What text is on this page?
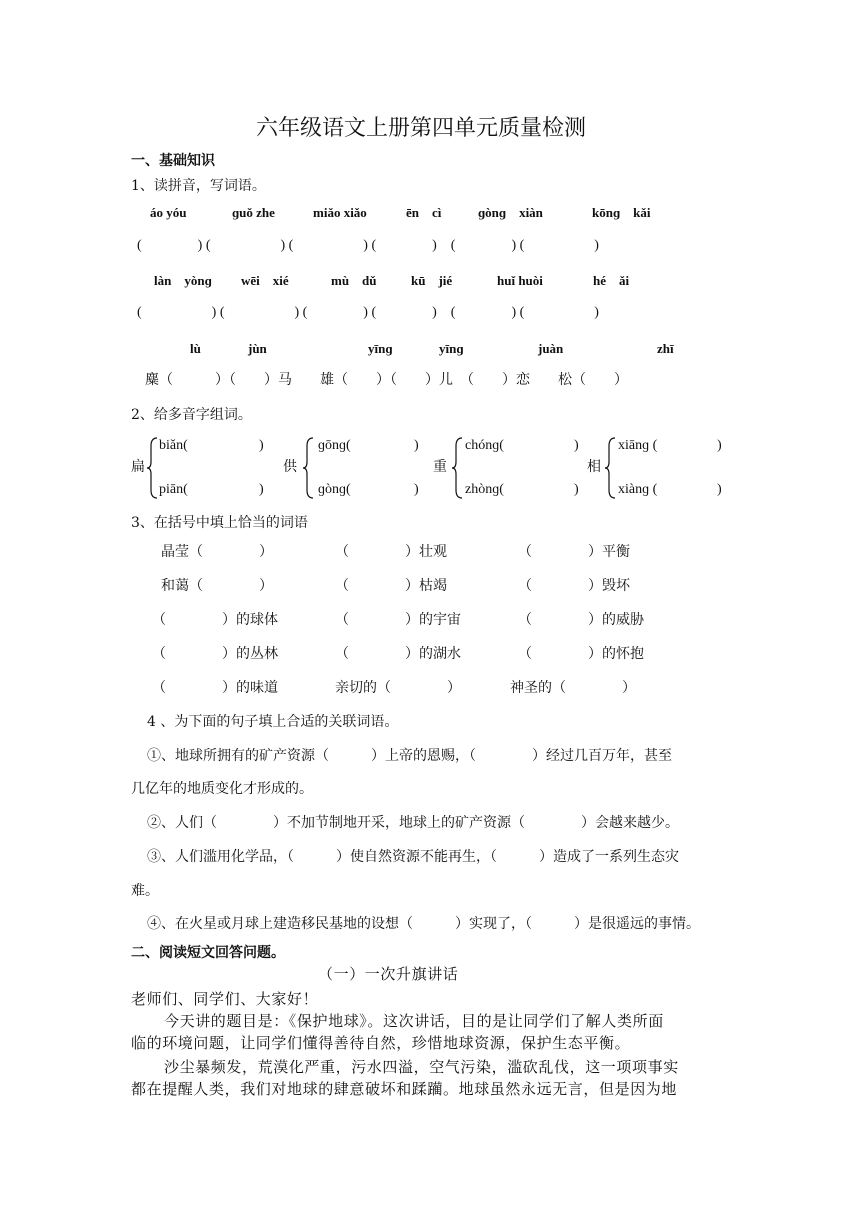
六年级语文上册第四单元质量检测
一、基础知识
1、读拼音，写词语。
áo yóu	ɡuǒ zhe	miǎo xiǎo	ēn　cì	ɡònɡ　xiàn	kōnɡ　kǎi
(　　　　) (　　　　　) (　　　　　) (　　　　)　(　　　　) (　　　　　)
làn　yònɡ wēi　xié	mù　dǔ	kū　jié	huǐ huòi	hé　ǎi
(　　　　　) (　　　　　) (　　　　) (　　　　)　(　　　　) (　　　　　)
lù	jùn	yīnɡ	yīnɡ	juàn	zhī
麋（　　　）（　　）马　　雄（　　）（　　）儿　（　　）恋　　松（　　）
2、给多音字组词。
扁
biǎn(	)
piān(	)
供
ɡōnɡ(	)
ɡònɡ(	)
重
chónɡ(	)
zhònɡ(	)
相
xiānɡ (	)
xiànɡ (	)
3、在括号中填上恰当的词语
晶莹（　　　　）	（　　　　）壮观	（　　　　）平衡
和蔼（　　　　）	（　　　　）枯竭	（　　　　）毁坏
（　　　　）的球体	（　　　　）的宇宙	（　　　　）的威胁
（　　　　）的丛林	（　　　　）的湖水	（　　　　）的怀抱
（　　　　）的味道	亲切的（　　　　）	神圣的（　　　　）
4 、为下面的句子填上合适的关联词语。
①、地球所拥有的矿产资源（　　　）上帝的恩赐，（　　　　）经过几百万年，甚至
几亿年的地质变化才形成的。
②、人们（　　　　）不加节制地开采，地球上的矿产资源（　　　　）会越来越少。
③、人们滥用化学品，（　　　）使自然资源不能再生，（　　　）造成了一系列生态灾
难。
④、在火星或月球上建造移民基地的设想（　　　）实现了，（　　　）是很遥远的事情。
二、阅读短文回答问题。
（一）一次升旗讲话
老师们、同学们、大家好！
今天讲的题目是：《保护地球》。这次讲话，目的是让同学们了解人类所面
临的环境问题，让同学们懂得善待自然，珍惜地球资源，保护生态平衡。
沙尘暴频发，荒漠化严重，污水四溢，空气污染，滥砍乱伐，这一项项事实
都在提醒人类，我们对地球的肆意破坏和蹂躏。地球虽然永远无言，但是因为地
